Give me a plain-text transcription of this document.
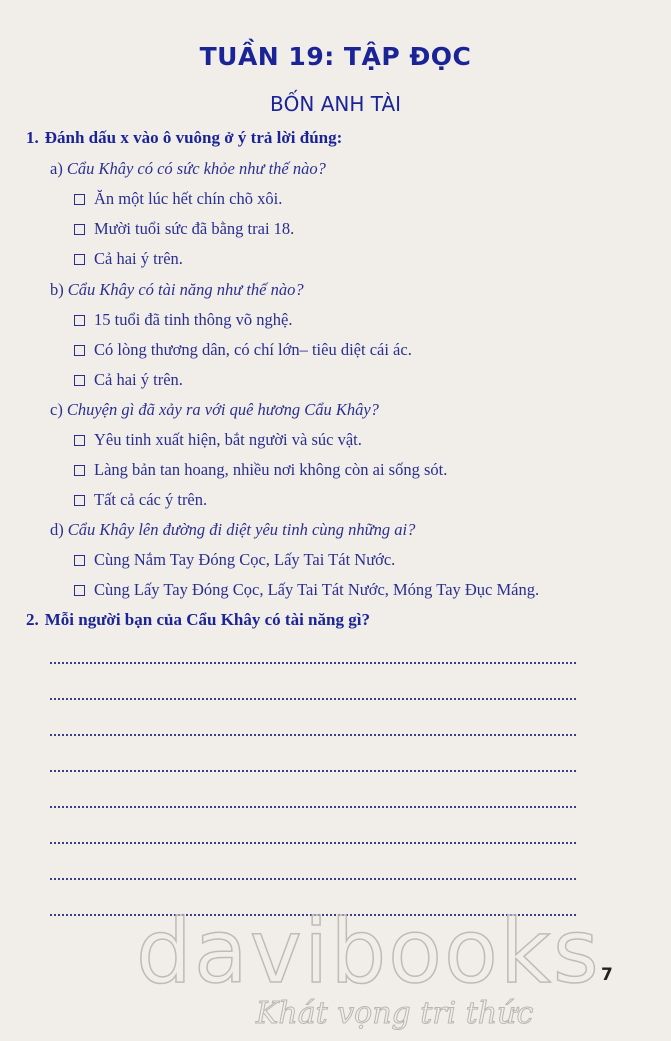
TUẦN 19: TẬP ĐỌC
BỐN ANH TÀI
1. Đánh dấu x vào ô vuông ở ý trả lời đúng:
a) Cẩu Khây có có sức khỏe như thế nào?
Ăn một lúc hết chín chõ xôi.
Mười tuổi sức đã bằng trai 18.
Cả hai ý trên.
b) Cẩu Khây có tài năng như thế nào?
15 tuổi đã tinh thông võ nghệ.
Có lòng thương dân, có chí lớn– tiêu diệt cái ác.
Cả hai ý trên.
c) Chuyện gì đã xảy ra với quê hương Cẩu Khây?
Yêu tinh xuất hiện, bắt người và súc vật.
Làng bản tan hoang, nhiều nơi không còn ai sống sót.
Tất cả các ý trên.
d) Cẩu Khây lên đường đi diệt yêu tinh cùng những ai?
Cùng Nắm Tay Đóng Cọc, Lấy Tai Tát Nước.
Cùng Lấy Tay Đóng Cọc, Lấy Tai Tát Nước, Móng Tay Đục Máng.
2. Mỗi người bạn của Cẩu Khây có tài năng gì?
7
davibooks
Khát vọng tri thức
